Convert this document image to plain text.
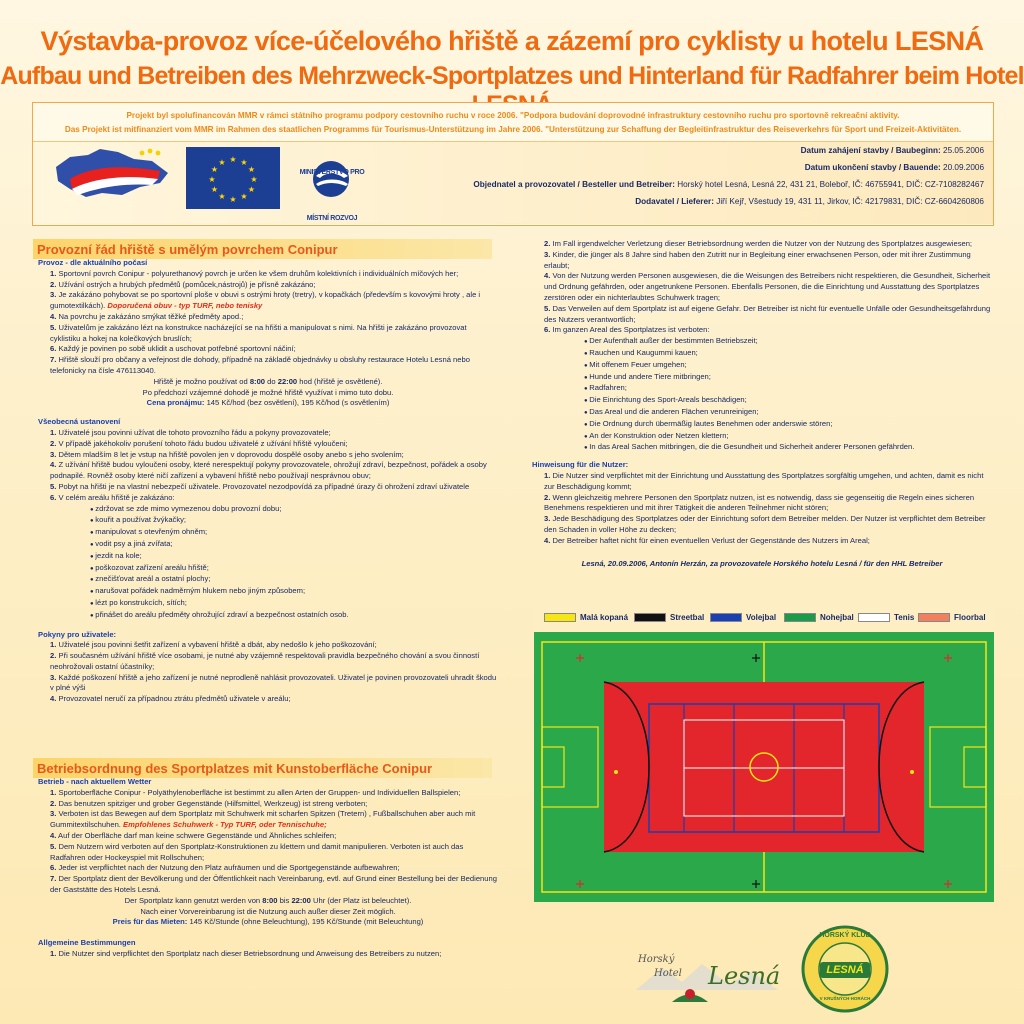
Výstavba-provoz více-účelového hřiště a zázemí pro cyklisty u hotelu LESNÁ
Aufbau und Betreiben des Mehrzweck-Sportplatzes und Hinterland für Radfahrer beim Hotel
Projekt byl spolufinancován MMR v rámci státního programu podpory cestovního ruchu v roce 2006. "Podpora budování doprovodné infrastruktury cestovního ruchu pro sportovně rekreační aktivity.
Das Projekt ist mitfinanziert vom MMR im Rahmen des staatlichen Programms für Tourismus-Unterstützung im Jahre 2006. "Unterstützung zur Schaffung der Begleitinfrastruktur des Reiseverkehrs für Sport und Freizeit-Aktivitäten.
★ ★
★
★
★
★
★
★
★
★
★
★
MINISTERSTVO PRO MÍSTNÍ ROZVOJ
Datum zahájení stavby / Baubeginn: 25.05.2006
Datum ukončení stavby / Bauende: 20.09.2006
Objednatel a provozovatel / Besteller und Betreiber: Horský hotel Lesná, Lesná 22, 431 21, Boleboř, IČ: 46755941, DIČ: CZ-7108282467
Dodavatel / Lieferer: Jiří Kejř, Všestudy 19, 431 11, Jirkov, IČ: 42179831, DIČ: CZ-6604260806
Provozní řád hřiště s umělým povrchem Conipur

Provoz - dle aktuálního počasí

1. Sportovní povrch Conipur - polyurethanový povrch je určen ke všem druhům kolektivních i individuálních míčových her;

2. Užívání ostrých a hrubých předmětů (pomůcek,nástrojů) je přísně zakázáno;

3. Je zakázáno pohybovat se po sportovní ploše v obuvi s ostrými hroty (tretry), v kopačkách (především s kovovými hroty , ale i gumotextilkách). Doporučená obuv - typ TURF, nebo tenisky

4. Na povrchu je zakázáno smýkat těžké předměty apod.;

5. Uživatelům je zakázáno lézt na konstrukce nacházející se na hřišti a manipulovat s nimi. Na hřišti je zakázáno provozovat cyklistiku a hokej na kolečkových bruslích;

6. Každý je povinen po sobě uklidit a uschovat potřebné sportovní náčiní;

7. Hřiště slouží pro občany a veřejnost dle dohody, případně na základě objednávky u obsluhy restaurace Hotelu Lesná nebo telefonicky na čísle 476113040.

Hřiště je možno používat od 8:00 do 22:00 hod (hřiště je osvětlené).

Po předchozí vzájemné dohodě je možné hřiště využívat i mimo tuto dobu.

Cena pronájmu: 145 Kč/hod (bez osvětlení), 195 Kč/hod (s osvětlením)

Všeobecná ustanovení

1. Uživatelé jsou povinni užívat dle tohoto provozního řádu a pokyny provozovatele;

2. V případě jakéhokoliv porušení tohoto řádu budou uživatelé z užívání hřiště vyloučeni;

3. Dětem mladším 8 let je vstup na hřiště povolen jen v doprovodu dospělé osoby anebo s jeho svolením;

4. Z užívání hřiště budou vyloučeni osoby, které nerespektují pokyny provozovatele, ohrožují zdraví, bezpečnost, pořádek a osoby podnapilé. Rovněž osoby které ničí zařízení a vybavení hřiště nebo používají nesprávnou obuv;

5. Pobyt na hřišti je na vlastní nebezpečí uživatele. Provozovatel nezodpovídá za případné úrazy či ohrožení zdraví uživatele

6. V celém areálu hřiště je zakázáno:

● zdržovat se zde mimo vymezenou dobu provozní dobu;

● kouřit a používat žvýkačky;

● manipulovat s otevřeným ohněm;

● vodit psy a jiná zvířata;

● jezdit na kole;

● poškozovat zařízení areálu hřiště;

● znečišťovat areál a ostatní plochy;

● narušovat pořádek nadměrným hlukem nebo jiným způsobem;

● lézt po konstrukcích, sítích;

● přinášet do areálu předměty ohrožující zdraví a bezpečnost ostatních osob.

Pokyny pro uživatele:

1. Uživatelé jsou povinni šetřit zařízení a vybavení hřiště a dbát, aby nedošlo k jeho poškozování;

2. Při současném užívání hřiště více osobami, je nutné aby vzájemně respektovali pravidla bezpečného chování a svou činností neohrožovali ostatní účastníky;

3. Každé poškození hřiště a jeho zařízení je nutné neprodleně nahlásit provozovateli. Uživatel je povinen provozovateli uhradit škodu v plné výši

4. Provozovatel neručí za případnou ztrátu předmětů uživatele v areálu;

Betriebsordnung des Sportplatzes mit Kunstoberfläche Conipur

Betrieb - nach aktuellem Wetter

1. Sportoberfläche Conipur - Polyäthylenoberfläche ist bestimmt zu allen Arten der Gruppen- und Individuellen Ballspielen;

2. Das benutzen spitziger und grober Gegenstände (Hilfsmittel, Werkzeug) ist streng verboten;

3. Verboten ist das Bewegen auf dem Sportplatz mit Schuhwerk mit scharfen Spitzen (Tretern) , Fußballschuhen aber auch mit Gummitextilschuhen. Empfohlenes Schuhwerk - Typ TURF, oder Tennischuhe;

4. Auf der Oberfläche darf man keine schwere Gegenstände und Ähnliches schleifen;

5. Dem Nutzern wird verboten auf den Sportplatz-Konstruktionen zu klettern und damit manipulieren. Verboten ist auch das Radfahren oder Hockeyspiel mit Rollschuhen;

6. Jeder ist verpflichtet nach der Nutzung den Platz aufräumen und die Sportgegenstände aufbewahren;

7. Der Sportplatz dient der Bevölkerung und der Öffentlichkeit nach Vereinbarung, evtl. auf Grund einer Bestellung bei der Bedienung der Gaststätte des Hotels Lesná.

Der Sportplatz kann genutzt werden von 8:00 bis 22:00 Uhr (der Platz ist beleuchtet).

Nach einer Vorvereinbarung ist die Nutzung auch außer dieser Zeit möglich.

Preis für das Mieten: 145 Kč/Stunde (ohne Beleuchtung), 195 Kč/Stunde (mit Beleuchtung)

Allgemeine Bestimmungen

1. Die Nutzer sind verpflichtet den Sportplatz nach dieser Betriebsordnung und Anweisung des Betreibers zu nutzen;

2. Im Fall irgendwelcher Verletzung dieser Betriebsordnung werden die Nutzer von der Nutzung des Sportplatzes ausgewiesen;

3. Kinder, die jünger als 8 Jahre sind haben den Zutritt nur in Begleitung einer erwachsenen Person, oder mit ihrer Zustimmung erlaubt;

4. Von der Nutzung werden Personen ausgewiesen, die die Weisungen des Betreibers nicht respektieren, die Gesundheit, Sicherheit und Ordnung gefährden, oder angetrunkene Personen. Ebenfalls Personen, die die Einrichtung und Ausstattung des Sportplatzes zerstören oder ein nichterlaubtes Schuhwerk tragen;

5. Das Verweilen auf dem Sportplatz ist auf eigene Gefahr. Der Betreiber ist nicht für eventuelle Unfälle oder Gesundheitsgefährdung des Nutzers verantwortlich;

6. Im ganzen Areal des Sportplatzes ist verboten:

● Der Aufenthalt außer der bestimmten Betriebszeit;

● Rauchen und Kaugummi kauen;

● Mit offenem Feuer umgehen;

● Hunde und andere Tiere mitbringen;

● Radfahren;

● Die Einrichtung des Sport-Areals beschädigen;

● Das Areal und die anderen Flächen verunreinigen;

● Die Ordnung durch übermäßig lautes Benehmen oder anderswie stören;

● An der Konstruktion oder Netzen klettern;

● In das Areal Sachen mitbringen, die die Gesundheit und Sicherheit anderer Personen gefährden.

Hinweisung für die Nutzer:

1. Die Nutzer sind verpflichtet mit der Einrichtung und Ausstattung des Sportplatzes sorgfältig umgehen, und achten, damit es nicht zur Beschädigung kommt;

2. Wenn gleichzeitig mehrere Personen den Sportplatz nutzen, ist es notwendig, dass sie gegenseitig die Regeln eines sicheren Benehmens respektieren und mit ihrer Tätigkeit die anderen Teilnehmer nicht stören;

3. Jede Beschädigung des Sportplatzes oder der Einrichtung sofort dem Betreiber melden. Der Nutzer ist verpflichtet dem Betreiber den Schaden in voller Höhe zu decken;

4. Der Betreiber haftet nicht für einen eventuellen Verlust der Gegenstände des Nutzers im Areal;

Lesná, 20.09.2006, Antonín Herzán, za provozovatele Horského hotelu Lesná / für den HHL Betreiber

Malá kopaná	Streetbal	Volejbal	Nohejbal	Tenis	Floorbal
Horský
Hotel Lesná
HORSKÝ KLUB
LESNÁ
V KRUŠNÝCH HORÁCH
